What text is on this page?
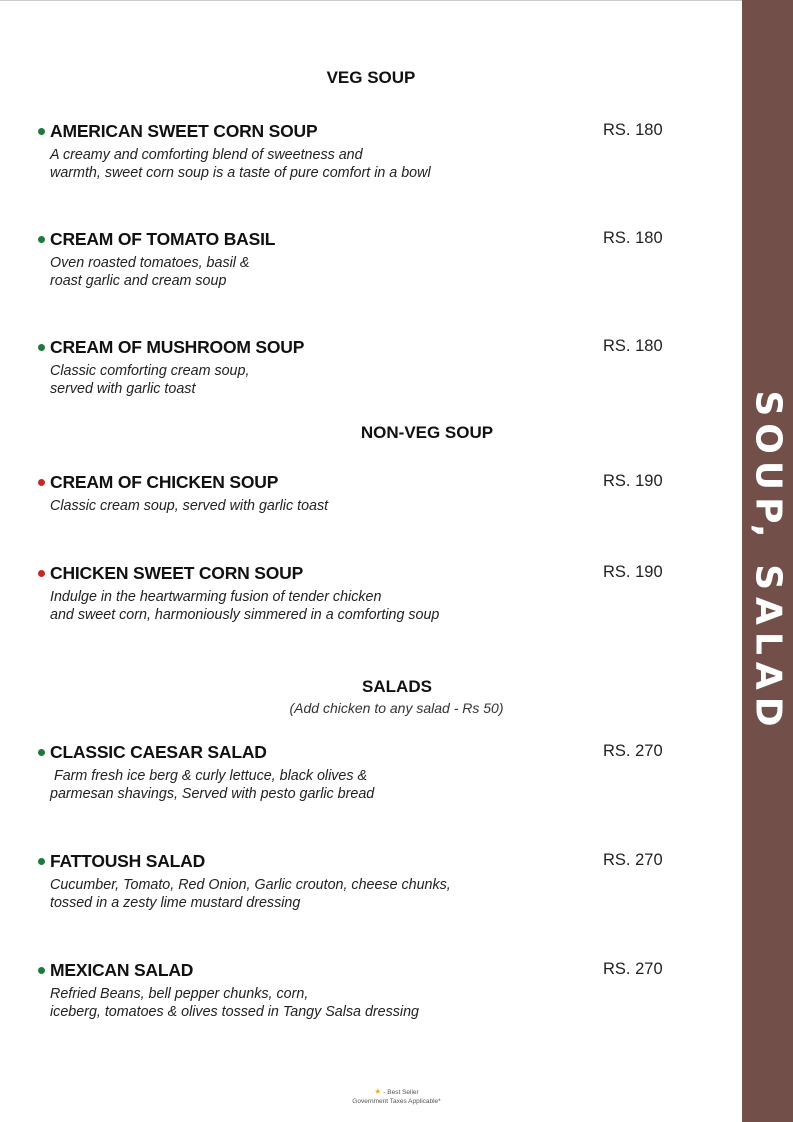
SOUP, SALAD
VEG SOUP
AMERICAN SWEET CORN SOUP	RS. 180
A creamy and comforting blend of sweetness and
warmth, sweet corn soup is a taste of pure comfort in a bowl
CREAM OF TOMATO BASIL	RS. 180
Oven roasted tomatoes, basil &
roast garlic and cream soup
CREAM OF MUSHROOM SOUP	RS. 180
Classic comforting cream soup,
served with garlic toast
NON-VEG SOUP
CREAM OF CHICKEN SOUP	RS. 190
Classic cream soup, served with garlic toast
CHICKEN SWEET CORN SOUP	RS. 190
Indulge in the heartwarming fusion of tender chicken
and sweet corn, harmoniously simmered in a comforting soup
SALADS
(Add chicken to any salad - Rs 50)
CLASSIC CAESAR SALAD	RS. 270
Farm fresh ice berg & curly lettuce, black olives &
parmesan shavings, Served with pesto garlic bread
FATTOUSH SALAD	RS. 270
Cucumber, Tomato, Red Onion, Garlic crouton, cheese chunks,
tossed in a zesty lime mustard dressing
MEXICAN SALAD	RS. 270
Refried Beans, bell pepper chunks, corn,
iceberg, tomatoes & olives tossed in Tangy Salsa dressing
★ - Best Seller
Government Taxes Applicable*
